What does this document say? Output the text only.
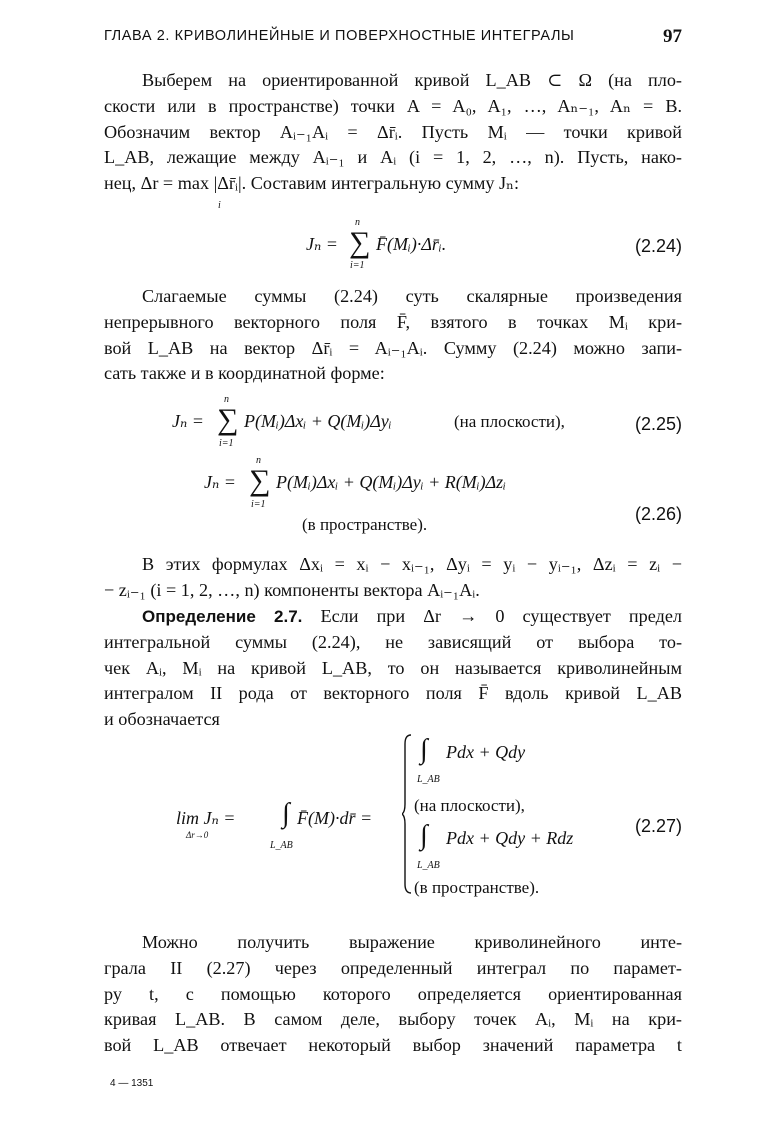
ГЛАВА 2. КРИВОЛИНЕЙНЫЕ И ПОВЕРХНОСТНЫЕ ИНТЕГРАЛЫ	97
Выберем на ориентированной кривой L_AB ⊂ Ω (на пло-
скости или в пространстве) точки A = A₀, A₁, …, Aₙ₋₁, Aₙ = B.
Обозначим вектор Aᵢ₋₁Aᵢ = Δr̄ᵢ. Пусть Mᵢ — точки кривой
L_AB, лежащие между Aᵢ₋₁ и Aᵢ (i = 1, 2, …, n). Пусть, нако-
нец, Δr = max |Δr̄ᵢ|. Составим интегральную сумму Jₙ:
i
Jₙ =
n
∑
i=1
F̄(Mᵢ)·Δr̄ᵢ.	(2.24)
Слагаемые суммы (2.24) суть скалярные произведения
непрерывного векторного поля F̄, взятого в точках Mᵢ кри-
вой L_AB на вектор Δr̄ᵢ = Aᵢ₋₁Aᵢ. Сумму (2.24) можно запи-
сать также и в координатной форме:
Jₙ =
n
∑
i=1
P(Mᵢ)Δxᵢ + Q(Mᵢ)Δyᵢ	(на плоскости),	(2.25)
Jₙ =
n
∑
i=1
P(Mᵢ)Δxᵢ + Q(Mᵢ)Δyᵢ + R(Mᵢ)Δzᵢ
(в пространстве).
(2.26)
В этих формулах Δxᵢ = xᵢ − xᵢ₋₁, Δyᵢ = yᵢ − yᵢ₋₁, Δzᵢ = zᵢ −
− zᵢ₋₁ (i = 1, 2, …, n) компоненты вектора Aᵢ₋₁Aᵢ.
Определение 2.7. Если при Δr → 0 существует предел
интегральной суммы (2.24), не зависящий от выбора то-
чек Aᵢ, Mᵢ на кривой L_AB, то он называется криволинейным
интегралом II рода от векторного поля F̄ вдоль кривой L_AB
и обозначается
lim Jₙ =
Δr→0
∫
L_AB
F̄(M)·dr̄ =
∫ Pdx + Qdy
L_AB
(на плоскости),
∫ Pdx + Qdy + Rdz
L_AB
(в пространстве).
(2.27)
Можно получить выражение криволинейного инте-
грала II (2.27) через определенный интеграл по парамет-
ру t, с помощью которого определяется ориентированная
кривая L_AB. В самом деле, выбору точек Aᵢ, Mᵢ на кри-
вой L_AB отвечает некоторый выбор значений параметра t
4 — 1351
